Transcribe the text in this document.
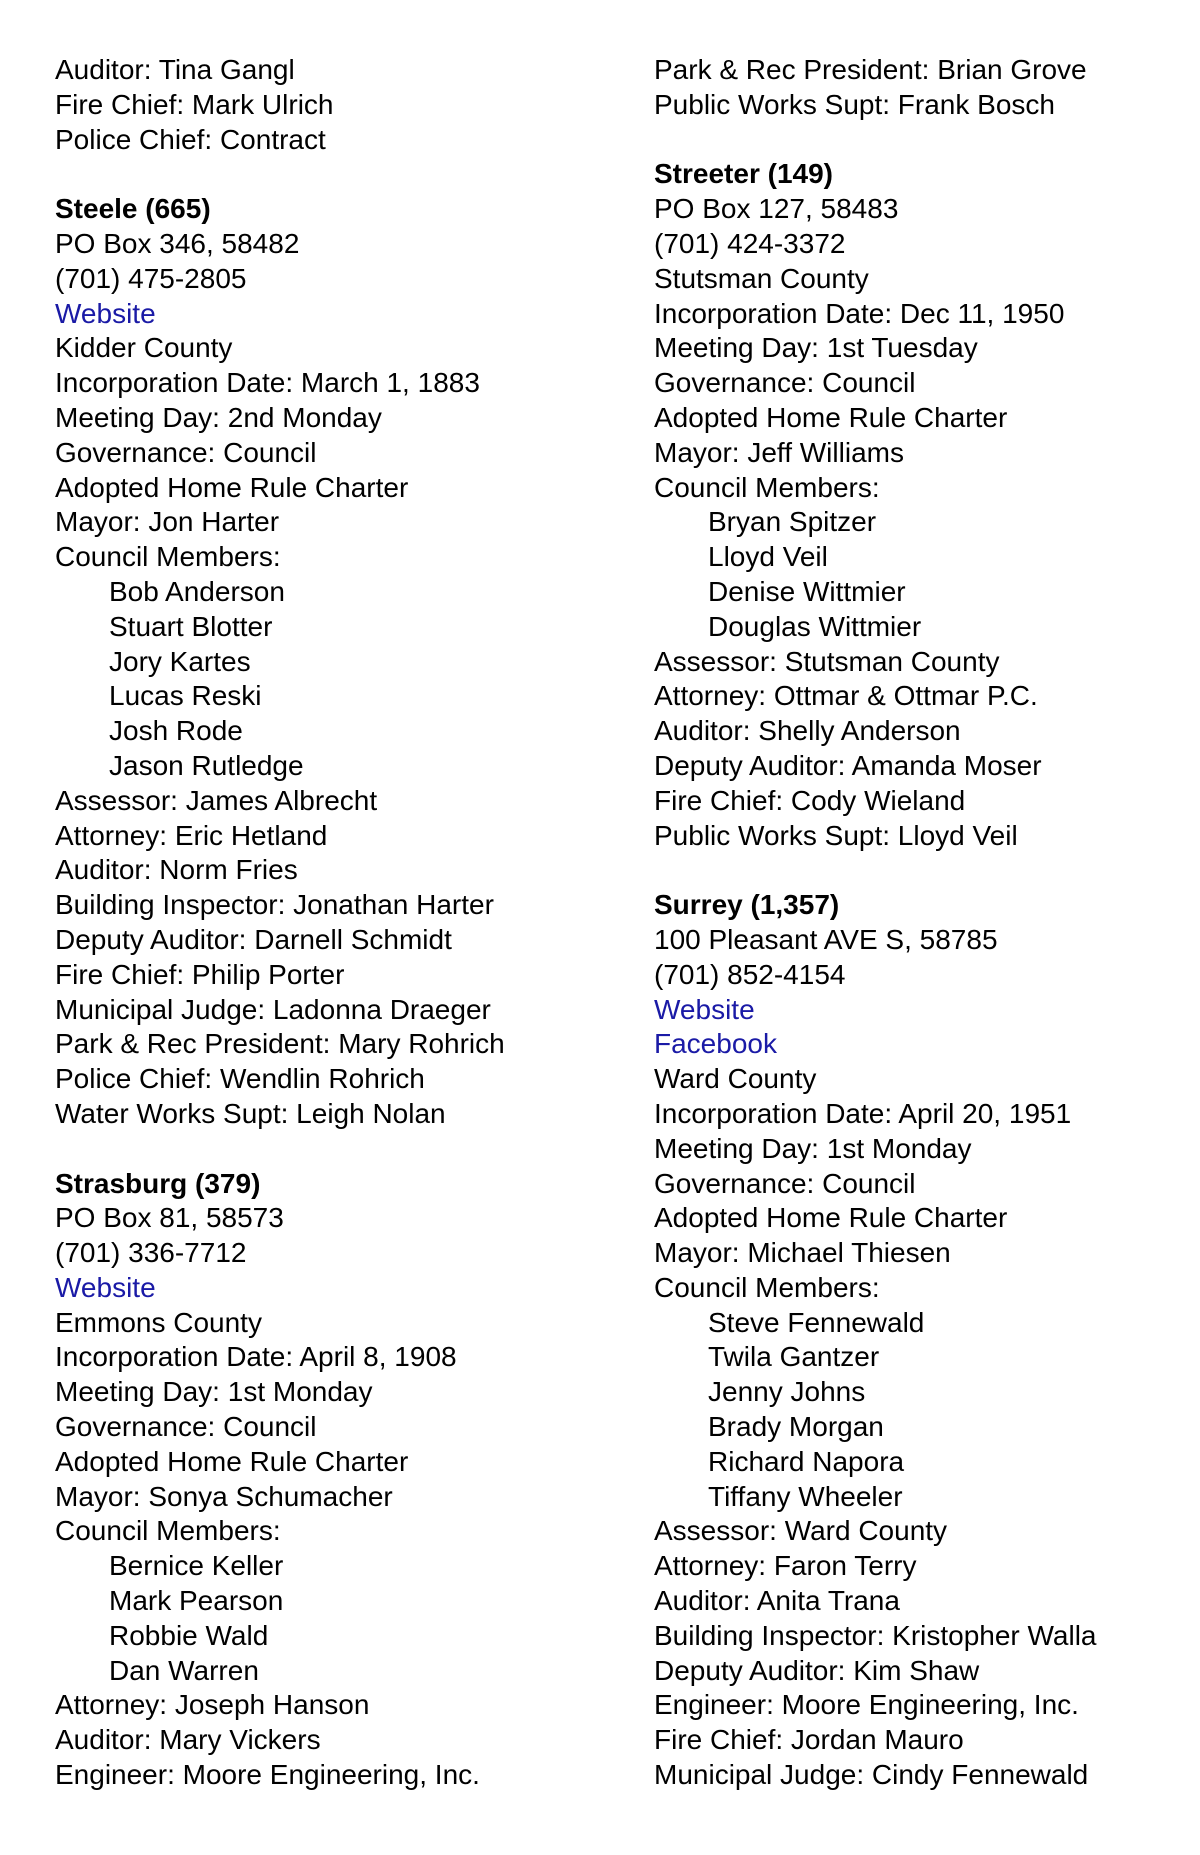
Auditor: Tina Gangl
Fire Chief: Mark Ulrich
Police Chief: Contract
Steele (665)
PO Box 346, 58482
(701) 475-2805
Website
Kidder County
Incorporation Date: March 1, 1883
Meeting Day: 2nd Monday
Governance: Council
Adopted Home Rule Charter
Mayor: Jon Harter
Council Members:
Bob Anderson
Stuart Blotter
Jory Kartes
Lucas Reski
Josh Rode
Jason Rutledge
Assessor: James Albrecht
Attorney: Eric Hetland
Auditor: Norm Fries
Building Inspector: Jonathan Harter
Deputy Auditor: Darnell Schmidt
Fire Chief: Philip Porter
Municipal Judge: Ladonna Draeger
Park & Rec President: Mary Rohrich
Police Chief: Wendlin Rohrich
Water Works Supt: Leigh Nolan
Strasburg (379)
PO Box 81, 58573
(701) 336-7712
Website
Emmons County
Incorporation Date: April 8, 1908
Meeting Day: 1st Monday
Governance: Council
Adopted Home Rule Charter
Mayor: Sonya Schumacher
Council Members:
Bernice Keller
Mark Pearson
Robbie Wald
Dan Warren
Attorney: Joseph Hanson
Auditor: Mary Vickers
Engineer: Moore Engineering, Inc.
Park & Rec President: Brian Grove
Public Works Supt: Frank Bosch
Streeter (149)
PO Box 127, 58483
(701) 424-3372
Stutsman County
Incorporation Date: Dec 11, 1950
Meeting Day: 1st Tuesday
Governance: Council
Adopted Home Rule Charter
Mayor: Jeff Williams
Council Members:
Bryan Spitzer
Lloyd Veil
Denise Wittmier
Douglas Wittmier
Assessor: Stutsman County
Attorney: Ottmar & Ottmar P.C.
Auditor: Shelly Anderson
Deputy Auditor: Amanda Moser
Fire Chief: Cody Wieland
Public Works Supt: Lloyd Veil
Surrey (1,357)
100 Pleasant AVE S, 58785
(701) 852-4154
Website
Facebook
Ward County
Incorporation Date: April 20, 1951
Meeting Day: 1st Monday
Governance: Council
Adopted Home Rule Charter
Mayor: Michael Thiesen
Council Members:
Steve Fennewald
Twila Gantzer
Jenny Johns
Brady Morgan
Richard Napora
Tiffany Wheeler
Assessor: Ward County
Attorney: Faron Terry
Auditor: Anita Trana
Building Inspector: Kristopher Walla
Deputy Auditor: Kim Shaw
Engineer: Moore Engineering, Inc.
Fire Chief: Jordan Mauro
Municipal Judge: Cindy Fennewald
